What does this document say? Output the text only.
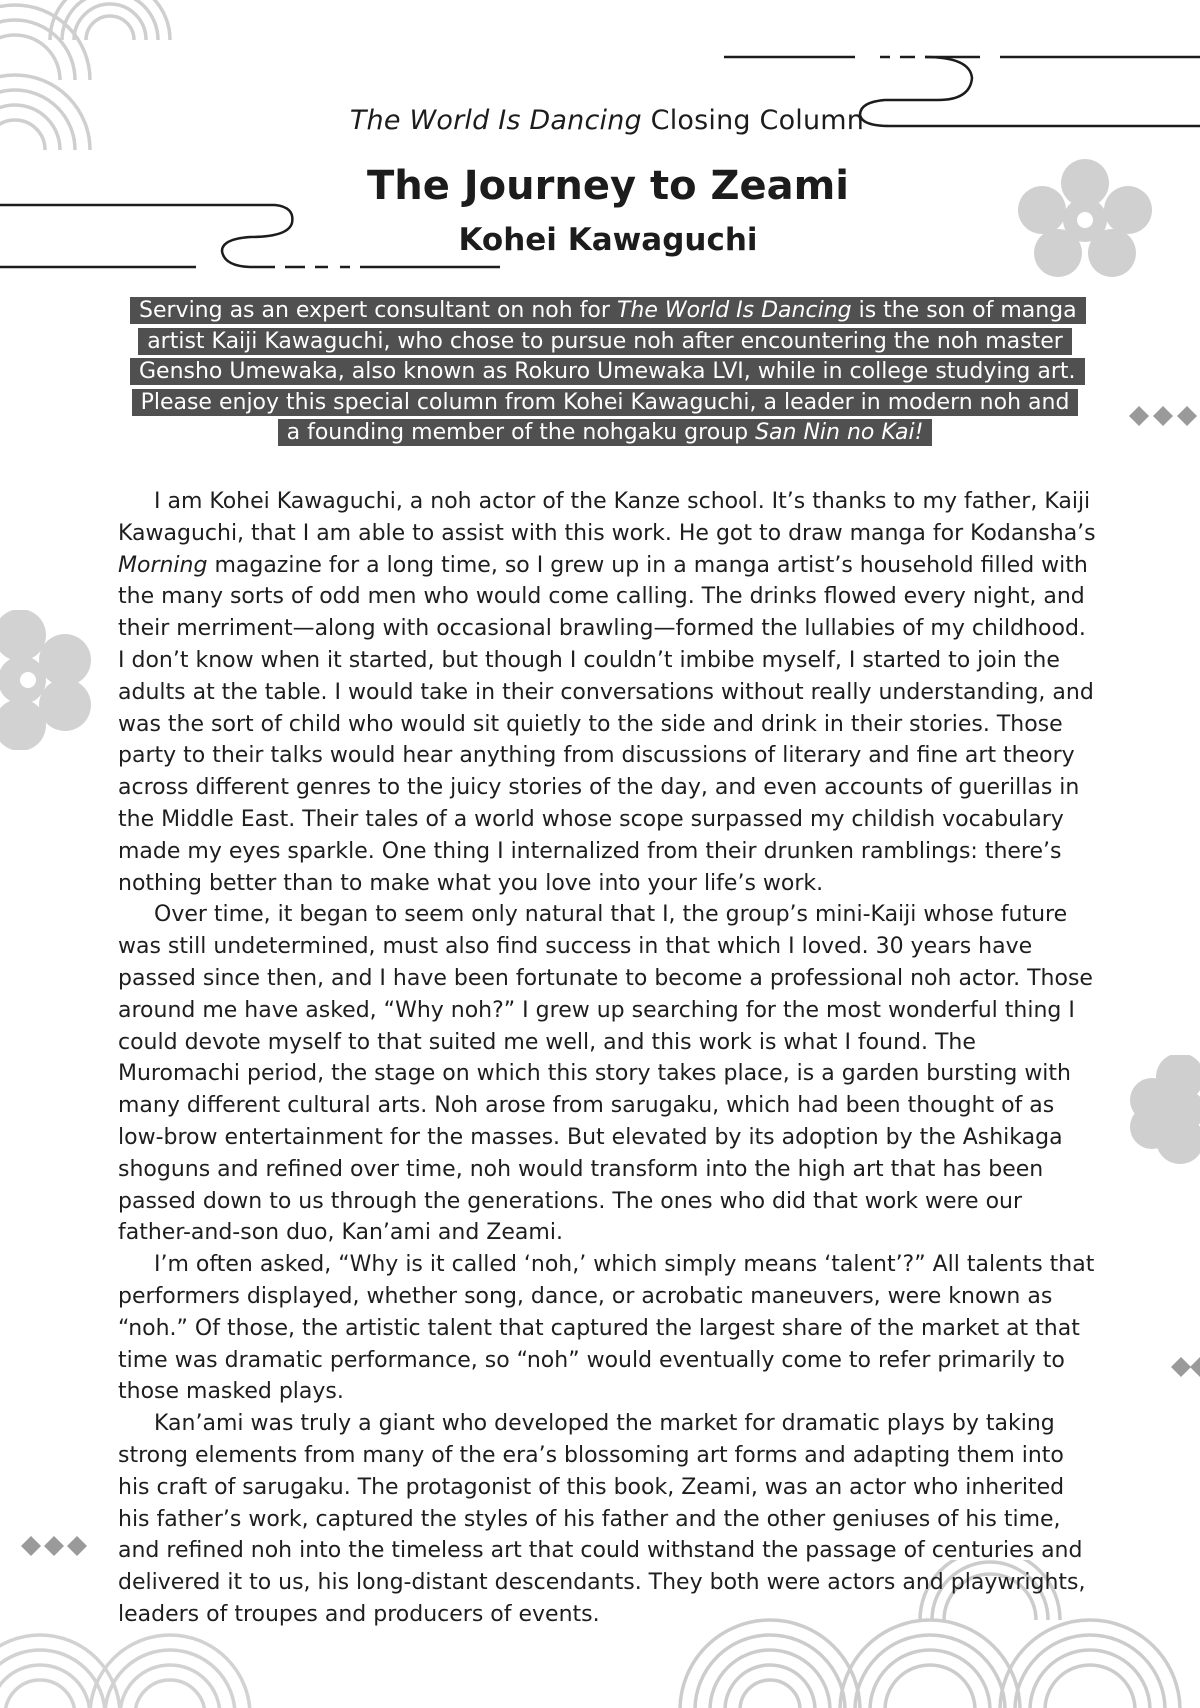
The World Is Dancing Closing Column
The Journey to Zeami
Kohei Kawaguchi
Serving as an expert consultant on noh for The World Is Dancing is the son of manga artist Kaiji Kawaguchi, who chose to pursue noh after encountering the noh master Gensho Umewaka, also known as Rokuro Umewaka LVI, while in college studying art. Please enjoy this special column from Kohei Kawaguchi, a leader in modern noh and a founding member of the nohgaku group San Nin no Kai!

I am Kohei Kawaguchi, a noh actor of the Kanze school. It’s thanks to my father, Kaiji Kawaguchi, that I am able to assist with this work. He got to draw manga for Kodansha’s Morning magazine for a long time, so I grew up in a manga artist’s household filled with the many sorts of odd men who would come calling. The drinks flowed every night, and their merriment—along with occasional brawling—formed the lullabies of my childhood. I don’t know when it started, but though I couldn’t imbibe myself, I started to join the adults at the table. I would take in their conversations without really understanding, and was the sort of child who would sit quietly to the side and drink in their stories. Those party to their talks would hear anything from discussions of literary and fine art theory across different genres to the juicy stories of the day, and even accounts of guerillas in the Middle East. Their tales of a world whose scope surpassed my childish vocabulary made my eyes sparkle. One thing I internalized from their drunken ramblings: there’s nothing better than to make what you love into your life’s work.

Over time, it began to seem only natural that I, the group’s mini-Kaiji whose future was still undetermined, must also find success in that which I loved. 30 years have passed since then, and I have been fortunate to become a professional noh actor. Those around me have asked, “Why noh?” I grew up searching for the most wonderful thing I could devote myself to that suited me well, and this work is what I found. The Muromachi period, the stage on which this story takes place, is a garden bursting with many different cultural arts. Noh arose from sarugaku, which had been thought of as low-brow entertainment for the masses. But elevated by its adoption by the Ashikaga shoguns and refined over time, noh would transform into the high art that has been passed down to us through the generations. The ones who did that work were our father-and-son duo, Kan’ami and Zeami.

I’m often asked, “Why is it called ‘noh,’ which simply means ‘talent’?” All talents that performers displayed, whether song, dance, or acrobatic maneuvers, were known as “noh.” Of those, the artistic talent that captured the largest share of the market at that time was dramatic performance, so “noh” would eventually come to refer primarily to those masked plays.

Kan’ami was truly a giant who developed the market for dramatic plays by taking strong elements from many of the era’s blossoming art forms and adapting them into his craft of sarugaku. The protagonist of this book, Zeami, was an actor who inherited his father’s work, captured the styles of his father and the other geniuses of his time, and refined noh into the timeless art that could withstand the passage of centuries and delivered it to us, his long-distant descendants. They both were actors and playwrights, leaders of troupes and producers of events.
